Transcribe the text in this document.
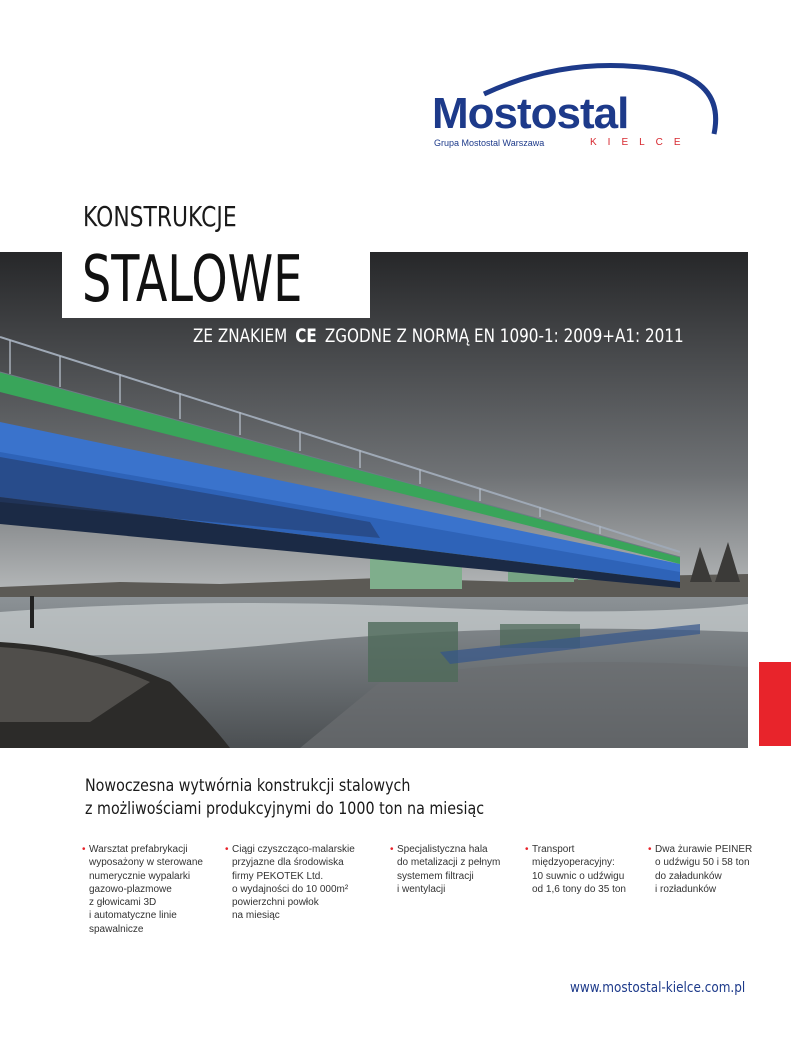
Mostostal
Grupa Mostostal Warszawa	KIELCE
KONSTRUKCJE
STALOWE
ZE ZNAKIEM CE ZGODNE Z NORMĄ EN 1090-1: 2009+A1: 2011
Nowoczesna wytwórnia konstrukcji stalowych
z możliwościami produkcyjnymi do 1000 ton na miesiąc
• Warsztat prefabrykacji
wyposażony w sterowane
numerycznie wypalarki
gazowo-plazmowe
z głowicami 3D
i automatyczne linie
spawalnicze
• Ciągi czyszcząco-malarskie
przyjazne dla środowiska
firmy PEKOTEK Ltd.
o wydajności do 10 000m²
powierzchni powłok
na miesiąc
• Specjalistyczna hala
do metalizacji z pełnym
systemem filtracji
i wentylacji
• Transport
międzyoperacyjny:
10 suwnic o udźwigu
od 1,6 tony do 35 ton
• Dwa żurawie PEINER
o udźwigu 50 i 58 ton
do załadunków
i rozładunków
www.mostostal-kielce.com.pl
